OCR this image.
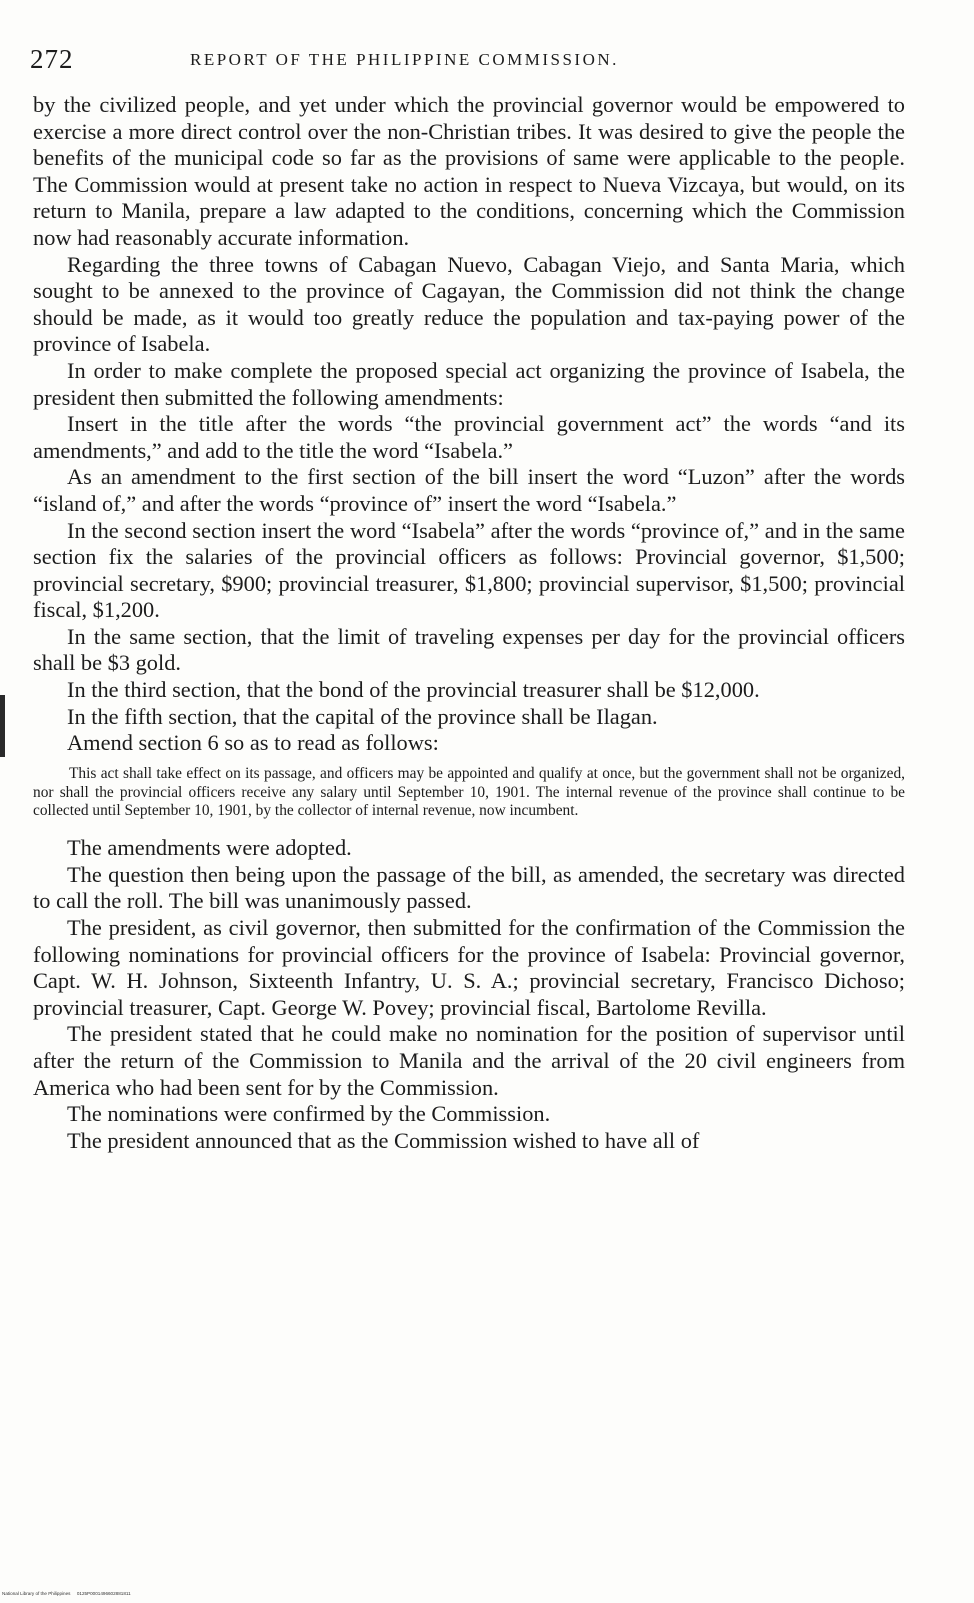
272	REPORT OF THE PHILIPPINE COMMISSION.

by the civilized people, and yet under which the provincial governor would be empowered to exercise a more direct control over the non-Christian tribes. It was desired to give the people the benefits of the municipal code so far as the provisions of same were applicable to the people. The Commission would at present take no action in respect to Nueva Vizcaya, but would, on its return to Manila, prepare a law adapted to the conditions, concerning which the Commission now had reasonably accurate information.

Regarding the three towns of Cabagan Nuevo, Cabagan Viejo, and Santa Maria, which sought to be annexed to the province of Cagayan, the Commission did not think the change should be made, as it would too greatly reduce the population and tax-paying power of the province of Isabela.

In order to make complete the proposed special act organizing the province of Isabela, the president then submitted the following amendments:

Insert in the title after the words “the provincial government act” the words “and its amendments,” and add to the title the word “Isabela.”

As an amendment to the first section of the bill insert the word “Luzon” after the words “island of,” and after the words “province of” insert the word “Isabela.”

In the second section insert the word “Isabela” after the words “province of,” and in the same section fix the salaries of the provincial officers as follows: Provincial governor, $1,500; provincial secretary, $900; provincial treasurer, $1,800; provincial supervisor, $1,500; provincial fiscal, $1,200.

In the same section, that the limit of traveling expenses per day for the provincial officers shall be $3 gold.

In the third section, that the bond of the provincial treasurer shall be $12,000.

In the fifth section, that the capital of the province shall be Ilagan.

Amend section 6 so as to read as follows:

This act shall take effect on its passage, and officers may be appointed and qualify at once, but the government shall not be organized, nor shall the provincial officers receive any salary until September 10, 1901. The internal revenue of the province shall continue to be collected until September 10, 1901, by the collector of internal revenue, now incumbent.

The amendments were adopted.

The question then being upon the passage of the bill, as amended, the secretary was directed to call the roll. The bill was unanimously passed.

The president, as civil governor, then submitted for the confirmation of the Commission the following nominations for provincial officers for the province of Isabela: Provincial governor, Capt. W. H. Johnson, Sixteenth Infantry, U. S. A.; provincial secretary, Francisco Dichoso; provincial treasurer, Capt. George W. Povey; provincial fiscal, Bartolome Revilla.

The president stated that he could make no nomination for the position of supervisor until after the return of the Commission to Manila and the arrival of the 20 civil engineers from America who had been sent for by the Commission.

The nominations were confirmed by the Commission.

The president announced that as the Commission wished to have all of

National Library of the Philippines 0125P0001496602881811
